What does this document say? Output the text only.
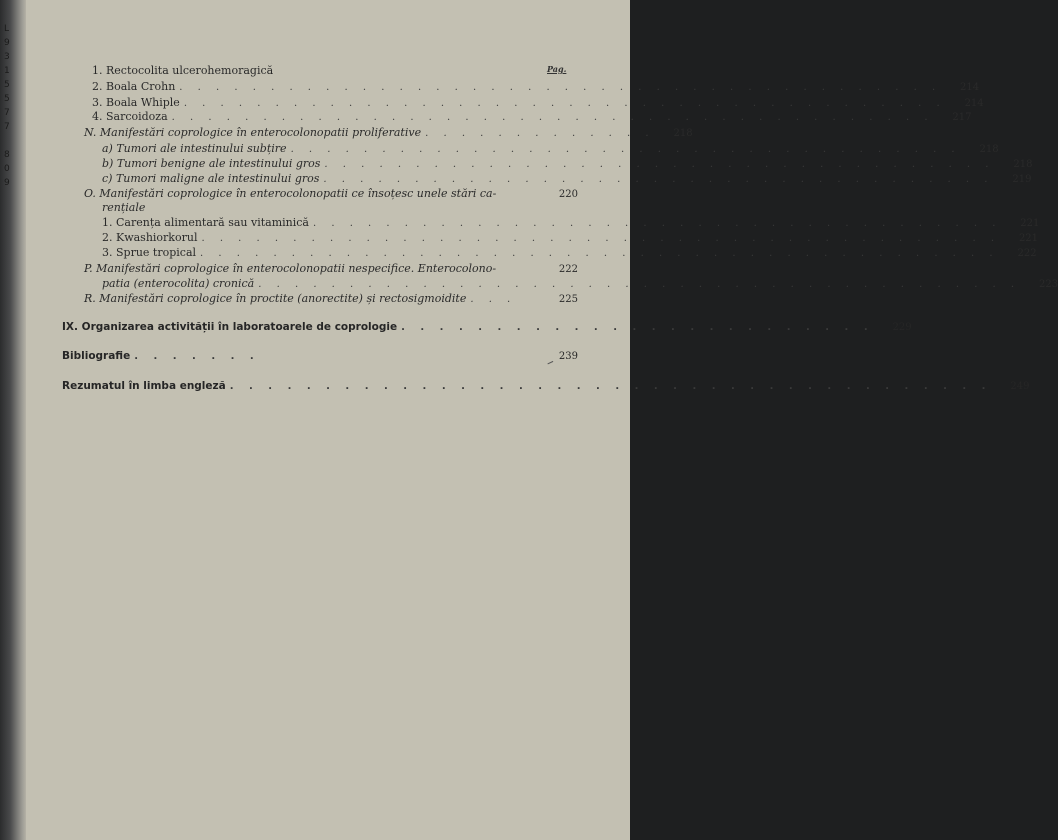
L
9
3
1
5
5
7
7

8
0
9
Pag.
1. Rectocolita ulcerohemoragică
2. Boala Crohn . . . . . . . . . . . . . . . . . . . . . . . . . . . . . . . . . . . . . . . . . .	214
3. Boala Whiple . . . . . . . . . . . . . . . . . . . . . . . . . . . . . . . . . . . . . . . . . .	214
4. Sarcoidoza . . . . . . . . . . . . . . . . . . . . . . . . . . . . . . . . . . . . . . . . . .	217
N. Manifestări coprologice în enterocolonopatii proliferative . . . . . . . . . . . . .	218
a) Tumori ale intestinului subțire . . . . . . . . . . . . . . . . . . . . . . . . . . . . . . . . . . . . .	218
b) Tumori benigne ale intestinului gros . . . . . . . . . . . . . . . . . . . . . . . . . . . . . . . . . . . . .	218
c) Tumori maligne ale intestinului gros . . . . . . . . . . . . . . . . . . . . . . . . . . . . . . . . . . . . .	219
O. Manifestări coprologice în enterocolonopatii ce însoțesc unele stări ca-	220
rențiale
1. Carența alimentară sau vitaminică . . . . . . . . . . . . . . . . . . . . . . . . . . . . . . . . . . . . . .	221
2. Kwashiorkorul . . . . . . . . . . . . . . . . . . . . . . . . . . . . . . . . . . . . . . . . . . . .	221
3. Sprue tropical . . . . . . . . . . . . . . . . . . . . . . . . . . . . . . . . . . . . . . . . . . . .	222
P. Manifestări coprologice în enterocolonopatii nespecifice. Enterocolono-	222
patia (enterocolita) cronică . . . . . . . . . . . . . . . . . . . . . . . . . . . . . . . . . . . . . . . . . .	223
R. Manifestări coprologice în proctite (anorectite) și rectosigmoidite . . .	225
IX. Organizarea activității în laboratoarele de coprologie . . . . . . . . . . . . . . . . . . . . . . . . .	229
Bibliografie . . . . . . .	239
Rezumatul în limba engleză . . . . . . . . . . . . . . . . . . . . . . . . . . . . . . . . . . . . . . . .	249
